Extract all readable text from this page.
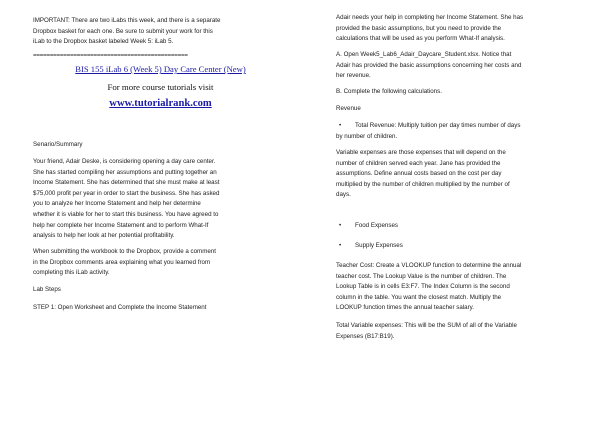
IMPORTANT: There are two iLabs this week, and there is a separate

Dropbox basket for each one. Be sure to submit your work for this

iLab to the Dropbox basket labeled Week 5: iLab 5.

==============================================

BIS 155 iLab 6 (Week 5) Day Care Center (New)

For more course tutorials visit

www.tutorialrank.com

Senario/Summary

Your friend, Adair Deske, is considering opening a day care center.

She has started compiling her assumptions and putting together an

Income Statement. She has determined that she must make at least

$75,000 profit per year in order to start the business. She has asked

you to analyze her Income Statement and help her determine

whether it is viable for her to start this business. You have agreed to

help her complete her Income Statement and to perform What-If

analysis to help her look at her potential profitability.

When submitting the workbook to the Dropbox, provide a comment

in the Dropbox comments area explaining what you learned from

completing this iLab activity.

Lab Steps

STEP 1: Open Worksheet and Complete the Income Statement

Adair needs your help in completing her Income Statement. She has

provided the basic assumptions, but you need to provide the

calculations that will be used as you perform What-If analysis.

A. Open Week5_Lab6_Adair_Daycare_Student.xlsx. Notice that

Adair has provided the basic assumptions concerning her costs and

her revenue.

B. Complete the following calculations.

Revenue

• Total Revenue: Multiply tuition per day times number of days

by number of children.

Variable expenses are those expenses that will depend on the

number of children served each year. Jane has provided the

assumptions. Define annual costs based on the cost per day

multiplied by the number of children multiplied by the number of

days.

• Food Expenses
• Supply Expenses

Teacher Cost: Create a VLOOKUP function to determine the annual

teacher cost. The Lookup Value is the number of children. The

Lookup Table is in cells E3:F7. The Index Column is the second

column in the table. You want the closest match. Multiply the

LOOKUP function times the annual teacher salary.

Total Variable expenses: This will be the SUM of all of the Variable

Expenses (B17:B19).
